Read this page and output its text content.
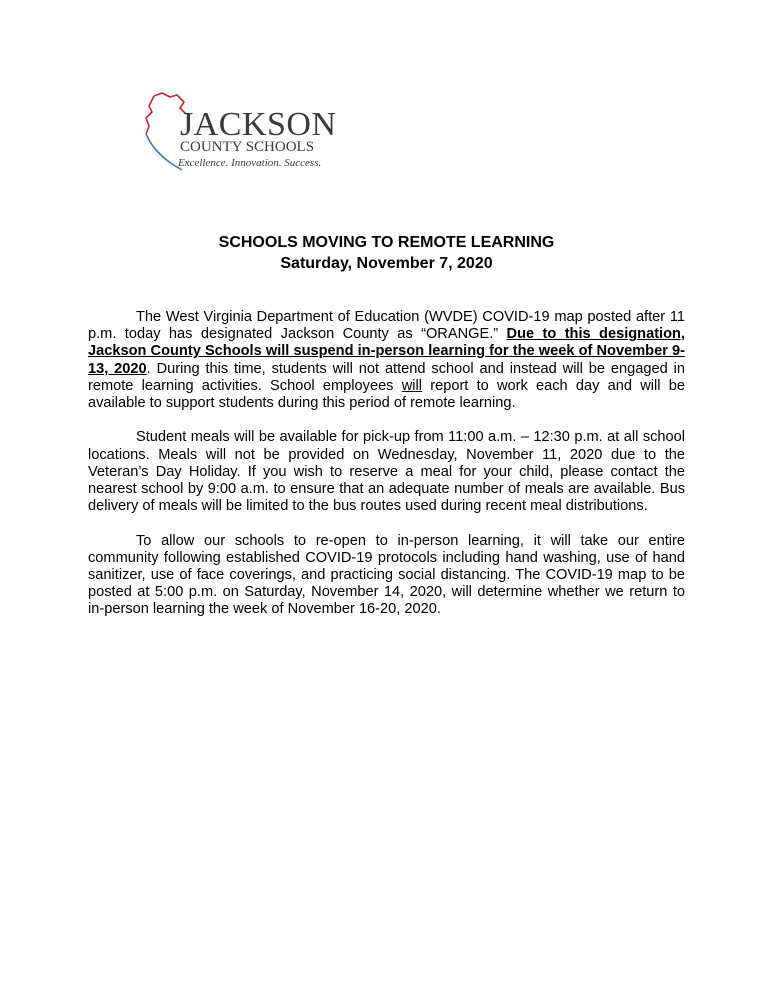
JACKSON
COUNTY SCHOOLS
Excellence. Innovation. Success.
SCHOOLS MOVING TO REMOTE LEARNING
Saturday, November 7, 2020

The West Virginia Department of Education (WVDE) COVID-19 map posted after 11 p.m. today has designated Jackson County as “ORANGE.” Due to this designation, Jackson County Schools will suspend in-person learning for the week of November 9-13, 2020. During this time, students will not attend school and instead will be engaged in remote learning activities. School employees will report to work each day and will be available to support students during this period of remote learning.

Student meals will be available for pick-up from 11:00 a.m. – 12:30 p.m. at all school locations. Meals will not be provided on Wednesday, November 11, 2020 due to the Veteran’s Day Holiday. If you wish to reserve a meal for your child, please contact the nearest school by 9:00 a.m. to ensure that an adequate number of meals are available. Bus delivery of meals will be limited to the bus routes used during recent meal distributions.

To allow our schools to re-open to in-person learning, it will take our entire community following established COVID-19 protocols including hand washing, use of hand sanitizer, use of face coverings, and practicing social distancing. The COVID-19 map to be posted at 5:00 p.m. on Saturday, November 14, 2020, will determine whether we return to in-person learning the week of November 16-20, 2020.
